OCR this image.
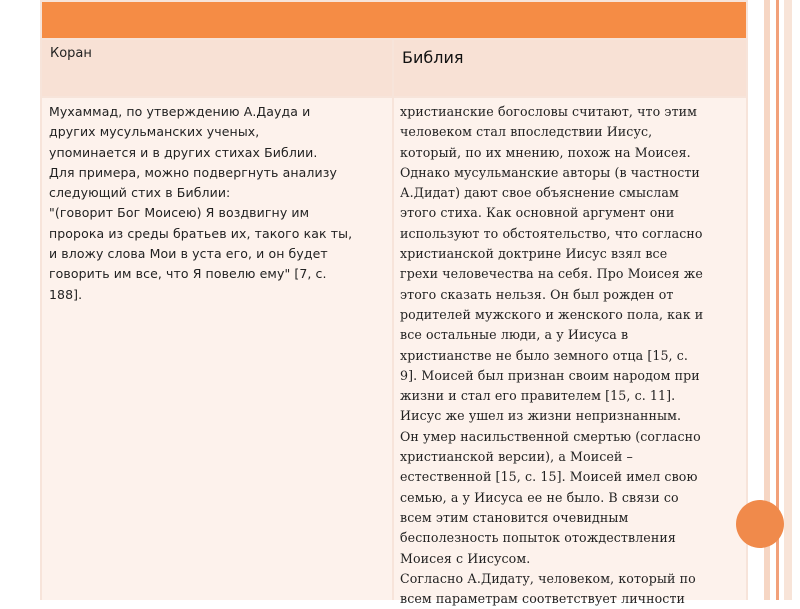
Коран	Библия
Мухаммад, по утверждению А.Дауда и
других мусульманских ученых,
упоминается и в других стихах Библии.
Для примера, можно подвергнуть анализу
следующий стих в Библии:
"(говорит Бог Моисею) Я воздвигну им
пророка из среды братьев их, такого как ты,
и вложу слова Мои в уста его, и он будет
говорить им все, что Я повелю ему" [7, с.
188].
христианские богословы считают, что этим
человеком стал впоследствии Иисус,
который, по их мнению, похож на Моисея.
Однако мусульманские авторы (в частности
А.Дидат) дают свое объяснение смыслам
этого стиха. Как основной аргумент они
используют то обстоятельство, что согласно
христианской доктрине Иисус взял все
грехи человечества на себя. Про Моисея же
этого сказать нельзя. Он был рожден от
родителей мужского и женского пола, как и
все остальные люди, а у Иисуса в
христианстве не было земного отца [15, с.
9]. Моисей был признан своим народом при
жизни и стал его правителем [15, с. 11].
Иисус же ушел из жизни непризнанным.
Он умер насильственной смертью (согласно
христианской версии), а Моисей –
естественной [15, с. 15]. Моисей имел свою
семью, а у Иисуса ее не было. В связи со
всем этим становится очевидным
бесполезность попыток отождествления
Моисея с Иисусом.
Согласно А.Дидату, человеком, который по
всем параметрам соответствует личности
